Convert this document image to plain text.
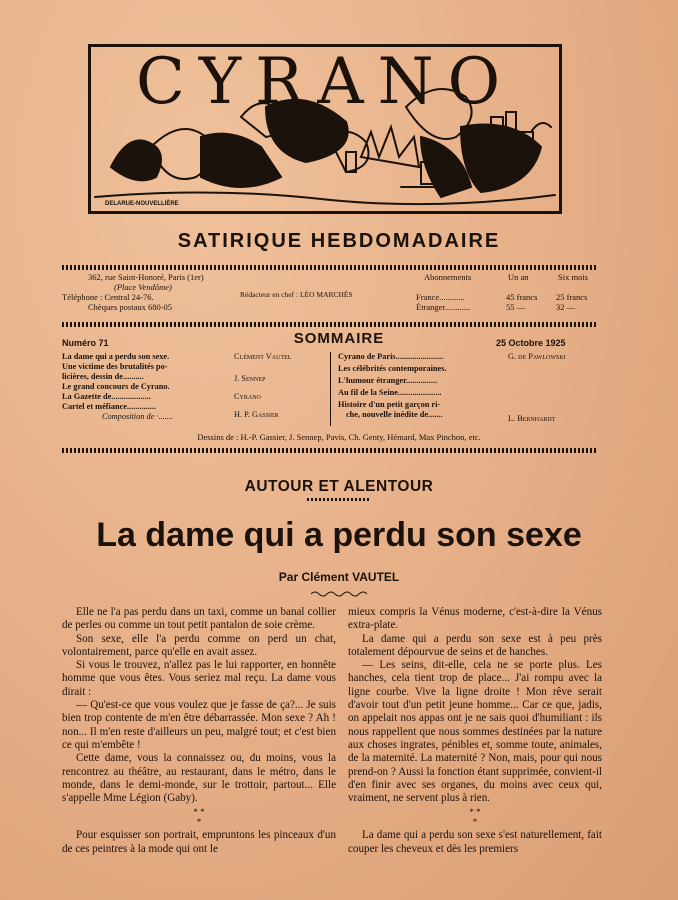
CYRANO
DELARUE-NOUVELLIÈRE
SATIRIQUE HEBDOMADAIRE
362, rue Saint-Honoré, Paris (1er)
(Place Vendôme)
Téléphone : Central 24-76.
Chèques postaux 680-05
Rédacteur en chef : LÉO MARCHÈS
Abonnements	Un an	Six mois
France............	45 francs 25 francs
Étranger............	55 —	32 —
SOMMAIRE
Numéro 71	25 Octobre 1925
La dame qui a perdu son sexe.	Clément Vautel
Une victime des brutalités po-
licières, dessin de..........	J. Sennep
Le grand concours de Cyrano.
La Gazette de...................	Cyrano
Cartel et méfiance..............
Composition de ·.......	H. P. Gassier
Cyrano de Paris.......................	G. de Pawlowski
Les célébrités contemporaines.
L'humour étranger...............
Au fil de la Seine.....................
Histoire d'un petit garçon ri-
che, nouvelle inédite de.......	L. Bernhardt
Dessins de : H.-P. Gassier, J. Sennep, Pavis, Ch. Genty, Hémard, Max Pinchon, etc.
AUTOUR ET ALENTOUR
La dame qui a perdu son sexe
Par Clément VAUTEL

Elle ne l'a pas perdu dans un taxi, comme un banal collier de perles ou comme un tout petit pantalon de soie crème.

Son sexe, elle l'a perdu comme on perd un chat, volontairement, parce qu'elle en avait assez.

Si vous le trouvez, n'allez pas le lui rapporter, en honnête homme que vous êtes. Vous seriez mal reçu. La dame vous dirait :

— Qu'est-ce que vous voulez que je fasse de ça?... Je suis bien trop contente de m'en être débarrassée. Mon sexe ? Ah ! non... Il m'en reste d'ailleurs un peu, malgré tout; et c'est bien ce qui m'embête !

Cette dame, vous la connaissez ou, du moins, vous la rencontrez au théâtre, au restaurant, dans le métro, dans le monde, dans le demi-monde, sur le trottoir, partout... Elle s'appelle Mme Légion (Gaby).

* *
*

Pour esquisser son portrait, empruntons les pinceaux d'un de ces peintres à la mode qui ont le

mieux compris la Vénus moderne, c'est-à-dire la Vénus extra-plate.

La dame qui a perdu son sexe est à peu près totalement dépourvue de seins et de hanches.

— Les seins, dit-elle, cela ne se porte plus. Les hanches, cela tient trop de place... J'ai rompu avec la ligne courbe. Vive la ligne droite ! Mon rêve serait d'avoir tout d'un petit jeune homme... Car ce que, jadis, on appelait nos appas ont je ne sais quoi d'humiliant : ils nous rappellent que nous sommes destinées par la nature aux choses ingrates, pénibles et, somme toute, animales, de la maternité. La maternité ? Non, mais, pour qui nous prend-on ? Aussi la fonction étant supprimée, convient-il d'en finir avec ses organes, du moins avec ceux qui, vraiment, ne servent plus à rien.

* *
*

La dame qui a perdu son sexe s'est naturellement, fait couper les cheveux et dès les premiers
